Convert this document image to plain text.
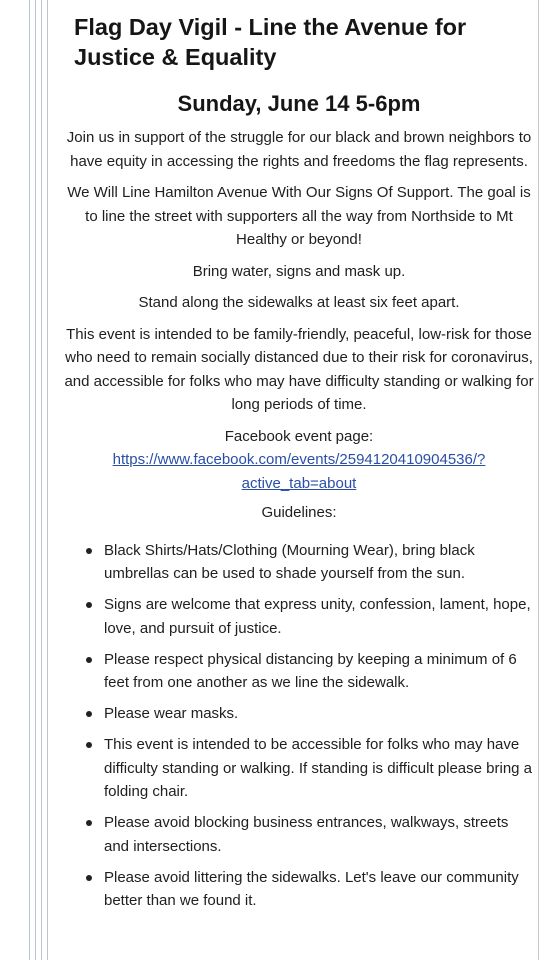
Flag Day Vigil - Line the Avenue for Justice & Equality
Sunday, June 14 5-6pm

Join us in support of the struggle for our black and brown neighbors to have equity in accessing the rights and freedoms the flag represents.

We Will Line Hamilton Avenue With Our Signs Of Support. The goal is to line the street with supporters all the way from Northside to Mt Healthy or beyond!

Bring water, signs and mask up.

Stand along the sidewalks at least six feet apart.

This event is intended to be family-friendly, peaceful, low-risk for those who need to remain socially distanced due to their risk for coronavirus, and accessible for folks who may have difficulty standing or walking for long periods of time.

Facebook event page: https://www.facebook.com/events/2594120410904536/?active_tab=about

Guidelines:

Black Shirts/Hats/Clothing (Mourning Wear), bring black umbrellas can be used to shade yourself from the sun.
Signs are welcome that express unity, confession, lament, hope, love, and pursuit of justice.
Please respect physical distancing by keeping a minimum of 6 feet from one another as we line the sidewalk.
Please wear masks.
This event is intended to be accessible for folks who may have difficulty standing or walking. If standing is difficult please bring a folding chair.
Please avoid blocking business entrances, walkways, streets and intersections.
Please avoid littering the sidewalks. Let's leave our community better than we found it.
